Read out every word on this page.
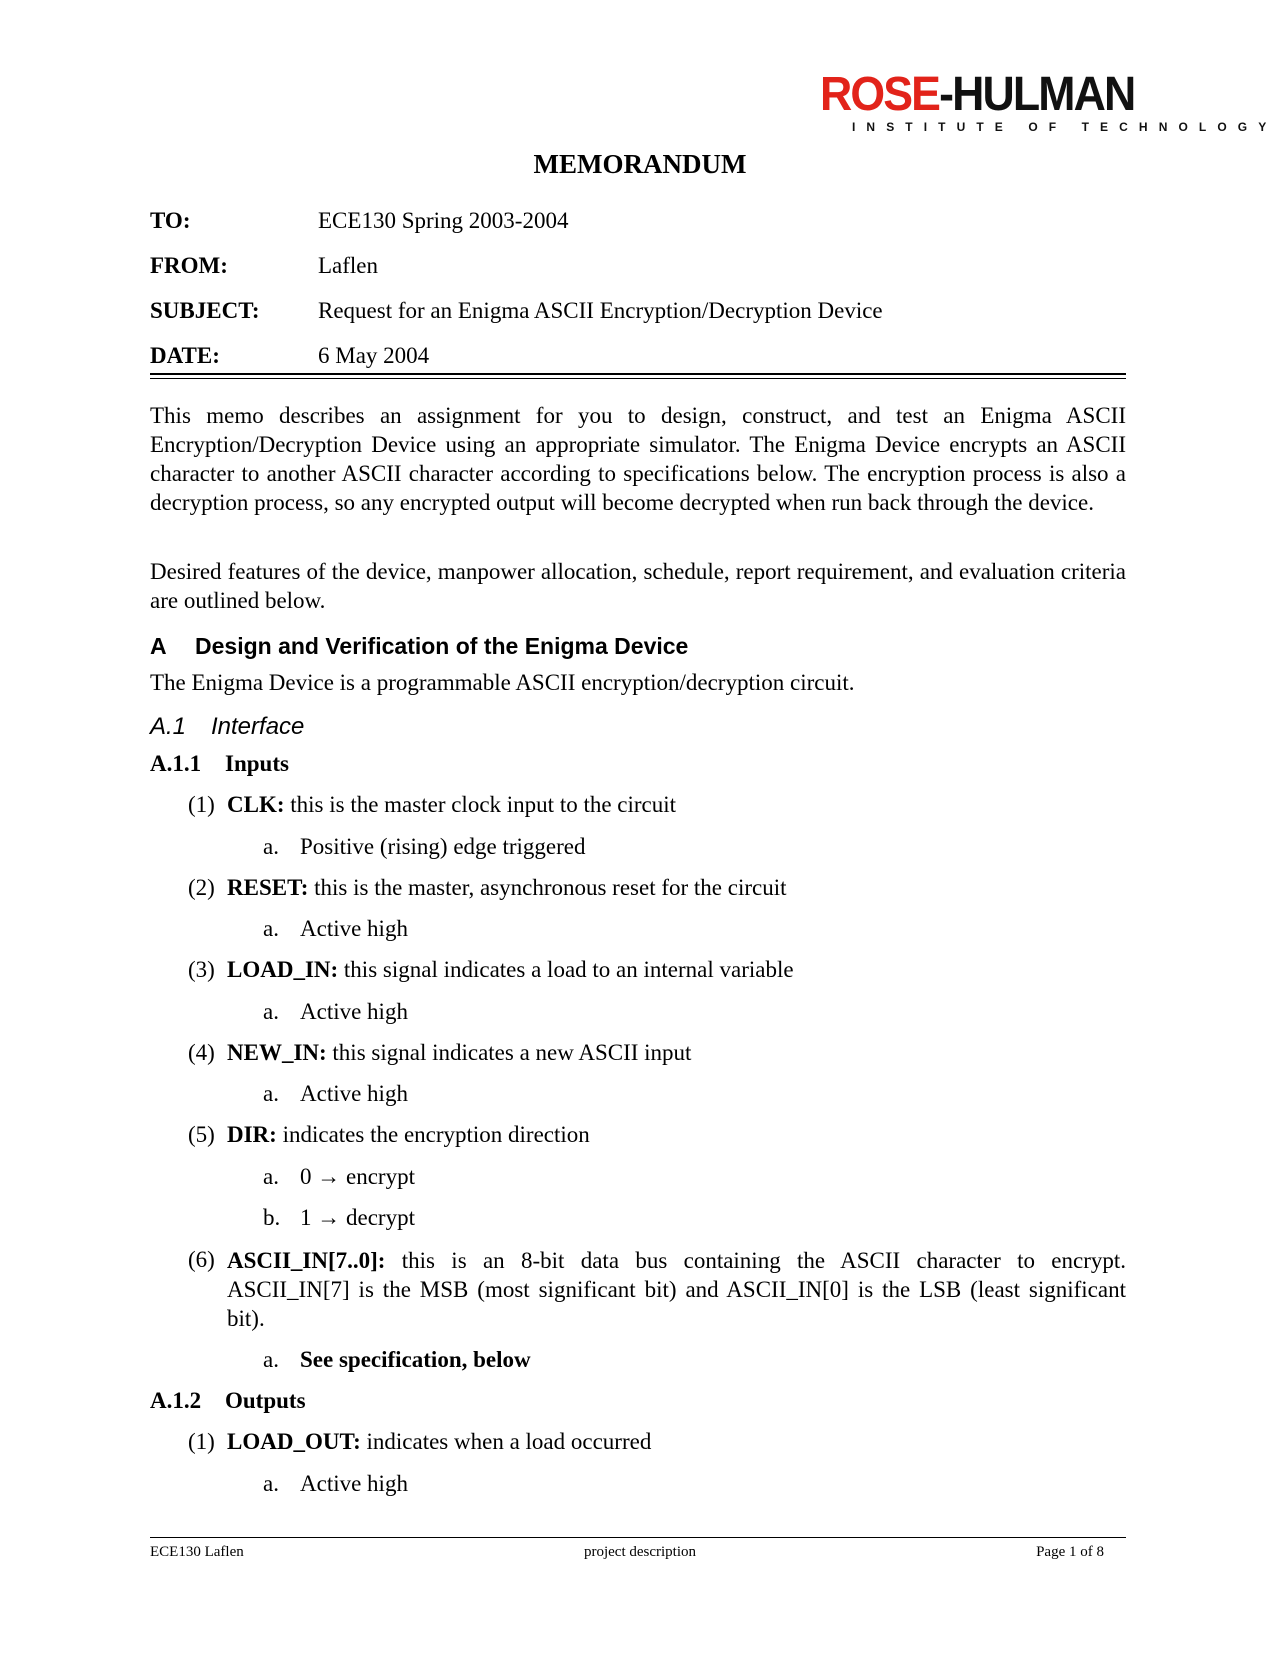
ROSE-HULMAN
INSTITUTE OF TECHNOLOGY
MEMORANDUM
TO:	ECE130 Spring 2003-2004
FROM:	Laflen
SUBJECT:	Request for an Enigma ASCII Encryption/Decryption Device
DATE:	6 May 2004
This memo describes an assignment for you to design, construct, and test an Enigma ASCII Encryption/Decryption Device using an appropriate simulator. The Enigma Device encrypts an ASCII character to another ASCII character according to specifications below. The encryption process is also a decryption process, so any encrypted output will become decrypted when run back through the device.
Desired features of the device, manpower allocation, schedule, report requirement, and evaluation criteria are outlined below.
A Design and Verification of the Enigma Device
The Enigma Device is a programmable ASCII encryption/decryption circuit.
A.1 Interface
A.1.1 Inputs
(1) CLK: this is the master clock input to the circuit
a. Positive (rising) edge triggered
(2) RESET: this is the master, asynchronous reset for the circuit
a. Active high
(3) LOAD_IN: this signal indicates a load to an internal variable
a. Active high
(4) NEW_IN: this signal indicates a new ASCII input
a. Active high
(5) DIR: indicates the encryption direction
a. 0 → encrypt
b. 1 → decrypt
(6) ASCII_IN[7..0]: this is an 8-bit data bus containing the ASCII character to encrypt. ASCII_IN[7] is the MSB (most significant bit) and ASCII_IN[0] is the LSB (least significant bit).
a. See specification, below
A.1.2 Outputs
(1) LOAD_OUT: indicates when a load occurred
a. Active high
ECE130 Laflen	project description	Page 1 of 8
